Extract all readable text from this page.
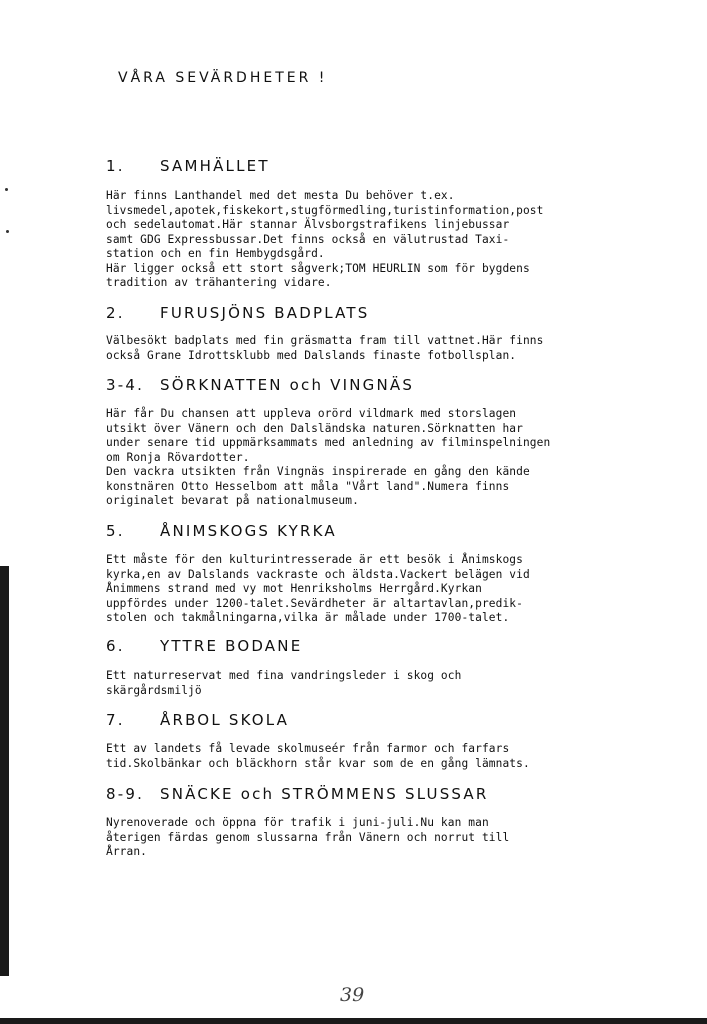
VÅRA SEVÄRDHETER !
1. SAMHÄLLET
Här finns Lanthandel med det mesta Du behöver t.ex.
livsmedel,apotek,fiskekort,stugförmedling,turistinformation,post
och sedelautomat.Här stannar Älvsborgstrafikens linjebussar
samt GDG Expressbussar.Det finns också en välutrustad Taxi-
station och en fin Hembygdsgård.
Här ligger också ett stort sågverk;TOM HEURLIN som för bygdens
tradition av trähantering vidare.
2. FURUSJÖNS BADPLATS
Välbesökt badplats med fin gräsmatta fram till vattnet.Här finns
också Grane Idrottsklubb med Dalslands finaste fotbollsplan.
3-4. SÖRKNATTEN och VINGNÄS
Här får Du chansen att uppleva orörd vildmark med storslagen
utsikt över Vänern och den Dalsländska naturen.Sörknatten har
under senare tid uppmärksammats med anledning av filminspelningen
om Ronja Rövardotter.
Den vackra utsikten från Vingnäs inspirerade en gång den kände
konstnären Otto Hesselbom att måla "Vårt land".Numera finns
originalet bevarat på nationalmuseum.
5. ÅNIMSKOGS KYRKA
Ett måste för den kulturintresserade är ett besök i Ånimskogs
kyrka,en av Dalslands vackraste och äldsta.Vackert belägen vid
Ånimmens strand med vy mot Henriksholms Herrgård.Kyrkan
uppfördes under 1200-talet.Sevärdheter är altartavlan,predik-
stolen och takmålningarna,vilka är målade under 1700-talet.
6. YTTRE BODANE
Ett naturreservat med fina vandringsleder i skog och
skärgårdsmiljö
7. ÅRBOL SKOLA
Ett av landets få levade skolmuseér från farmor och farfars
tid.Skolbänkar och bläckhorn står kvar som de en gång lämnats.
8-9. SNÄCKE och STRÖMMENS SLUSSAR
Nyrenoverade och öppna för trafik i juni-juli.Nu kan man
återigen färdas genom slussarna från Vänern och norrut till
Årran.
39
